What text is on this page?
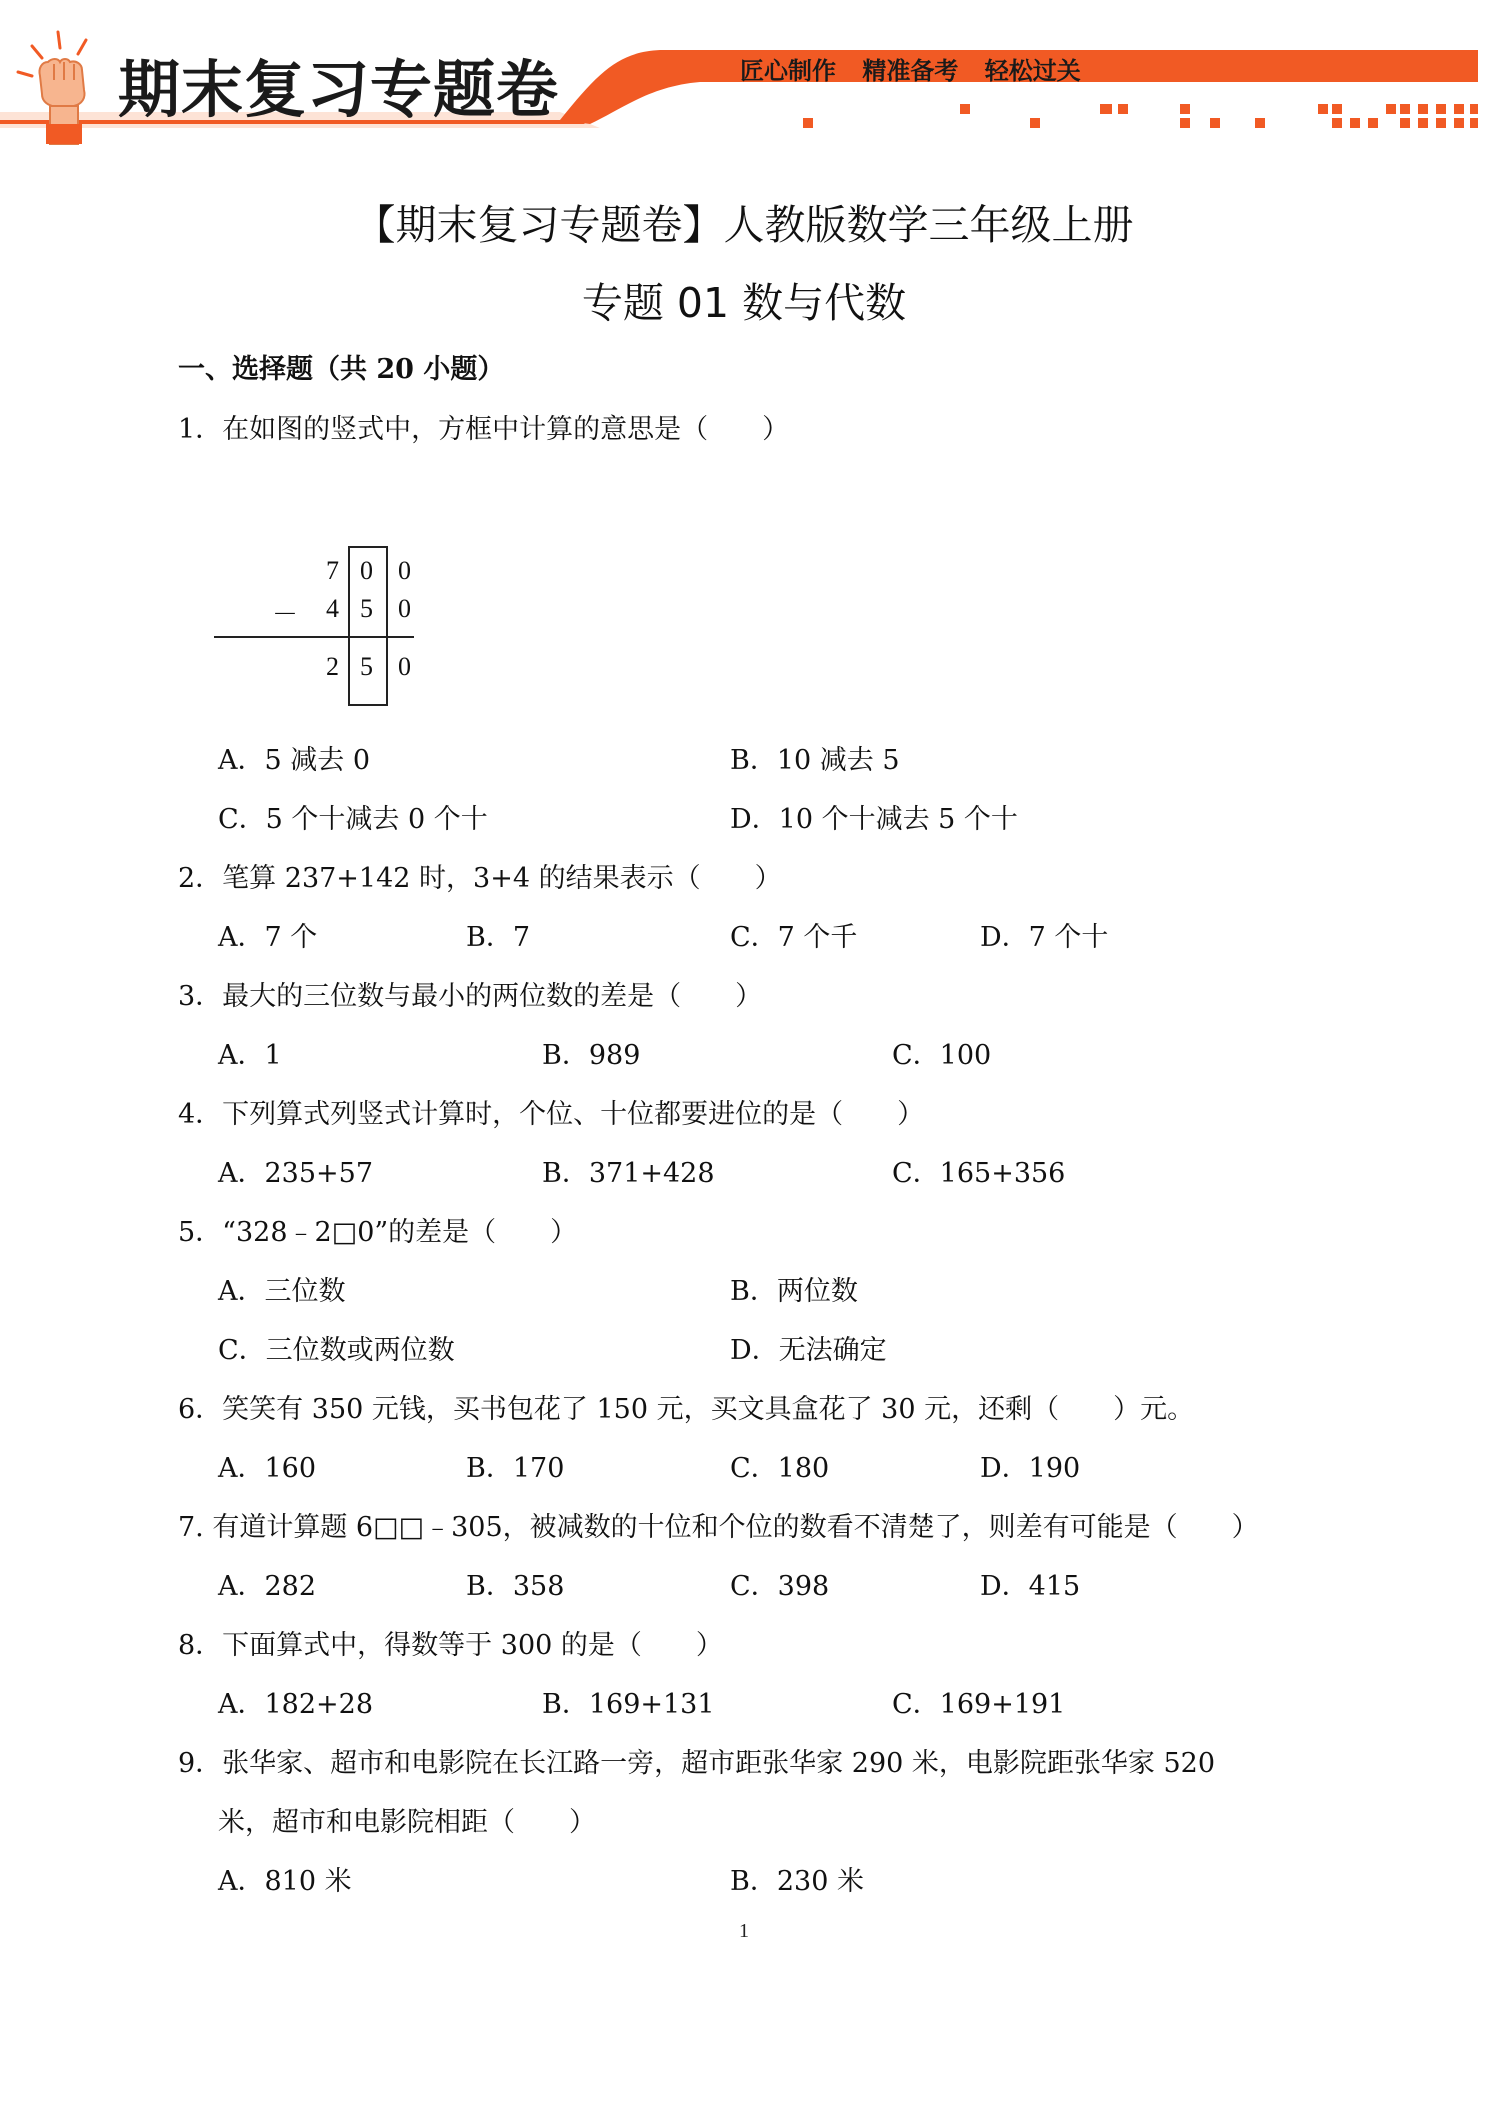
期末复习专题卷	匠心制作 精准备考 轻松过关
【期末复习专题卷】人教版数学三年级上册
专题 01 数与代数
一、选择题（共 20 小题）
1．在如图的竖式中，方框中计算的意思是（　　）
7 0 0
－ 4 5 0
2 5 0
A．5 减去 0	B．10 减去 5
C．5 个十减去 0 个十	D．10 个十减去 5 个十
2．笔算 237+142 时，3+4 的结果表示（　　）
A．7 个	B．7	C．7 个千	D．7 个十
3．最大的三位数与最小的两位数的差是（　　）
A．1	B．989	C．100
4．下列算式列竖式计算时，个位、十位都要进位的是（　　）
A．235+57	B．371+428	C．165+356
5．“328﹣2□0”的差是（　　）
A．三位数	B．两位数
C．三位数或两位数	D．无法确定
6．笑笑有 350 元钱，买书包花了 150 元，买文具盒花了 30 元，还剩（　　）元。
A．160	B．170	C．180	D．190
7. 有道计算题 6□□﹣305，被减数的十位和个位的数看不清楚了，则差有可能是（　　）
A．282	B．358	C．398	D．415
8．下面算式中，得数等于 300 的是（　　）
A．182+28	B．169+131	C．169+191
9．张华家、超市和电影院在长江路一旁，超市距张华家 290 米，电影院距张华家 520
米，超市和电影院相距（　　）
A．810 米	B．230 米
1
